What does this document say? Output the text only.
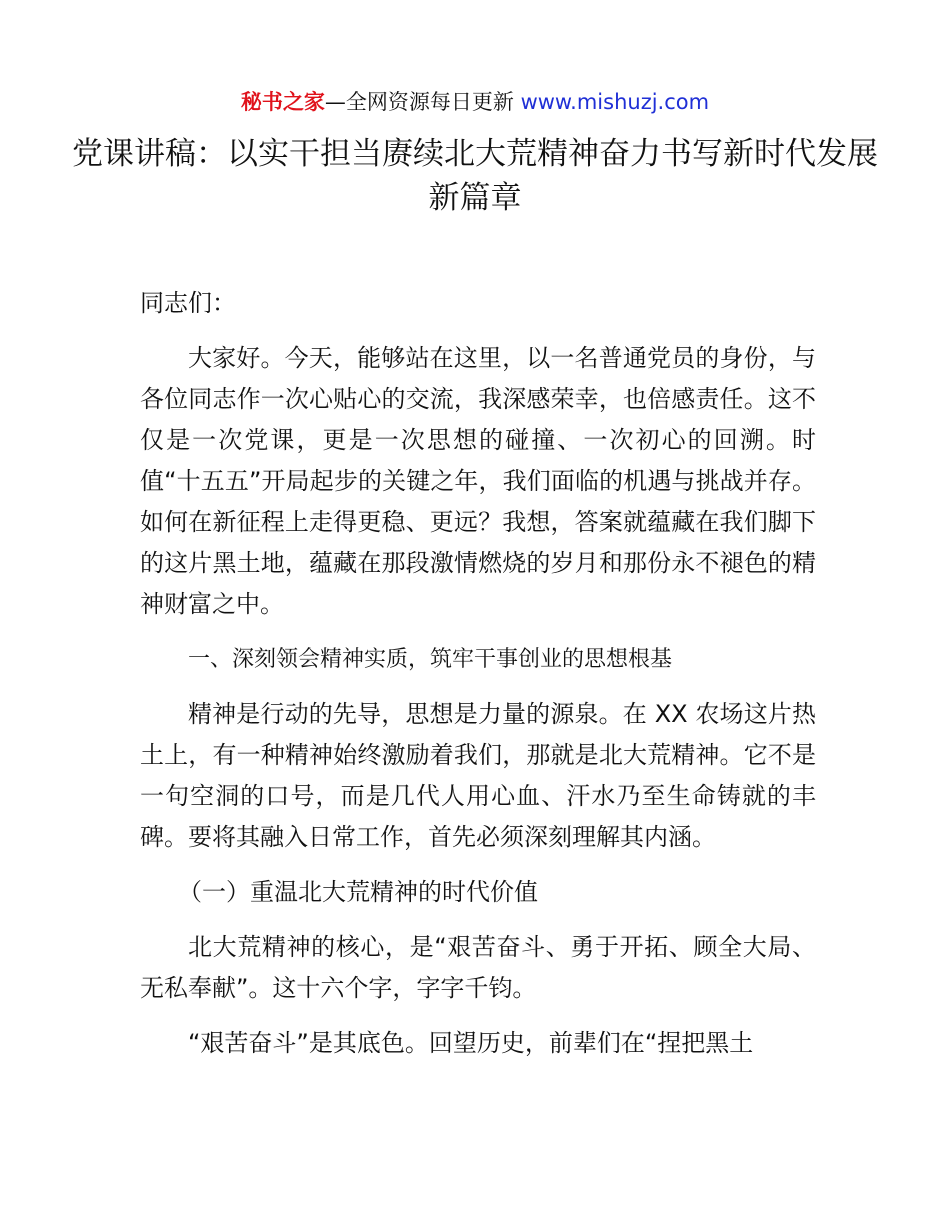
秘书之家—全网资源每日更新 www.mishuzj.com
党课讲稿：以实干担当赓续北大荒精神奋力书写新时代发展新篇章

同志们：

大家好。今天，能够站在这里，以一名普通党员的身份，与各位同志作一次心贴心的交流，我深感荣幸，也倍感责任。这不仅是一次党课，更是一次思想的碰撞、一次初心的回溯。时值“十五五”开局起步的关键之年，我们面临的机遇与挑战并存。如何在新征程上走得更稳、更远？我想，答案就蕴藏在我们脚下的这片黑土地，蕴藏在那段激情燃烧的岁月和那份永不褪色的精神财富之中。

一、深刻领会精神实质，筑牢干事创业的思想根基

精神是行动的先导，思想是力量的源泉。在 XX 农场这片热土上，有一种精神始终激励着我们，那就是北大荒精神。它不是一句空洞的口号，而是几代人用心血、汗水乃至生命铸就的丰碑。要将其融入日常工作，首先必须深刻理解其内涵。

（一）重温北大荒精神的时代价值

北大荒精神的核心，是“艰苦奋斗、勇于开拓、顾全大局、无私奉献”。这十六个字，字字千钧。

“艰苦奋斗”是其底色。回望历史，前辈们在“捏把黑土
